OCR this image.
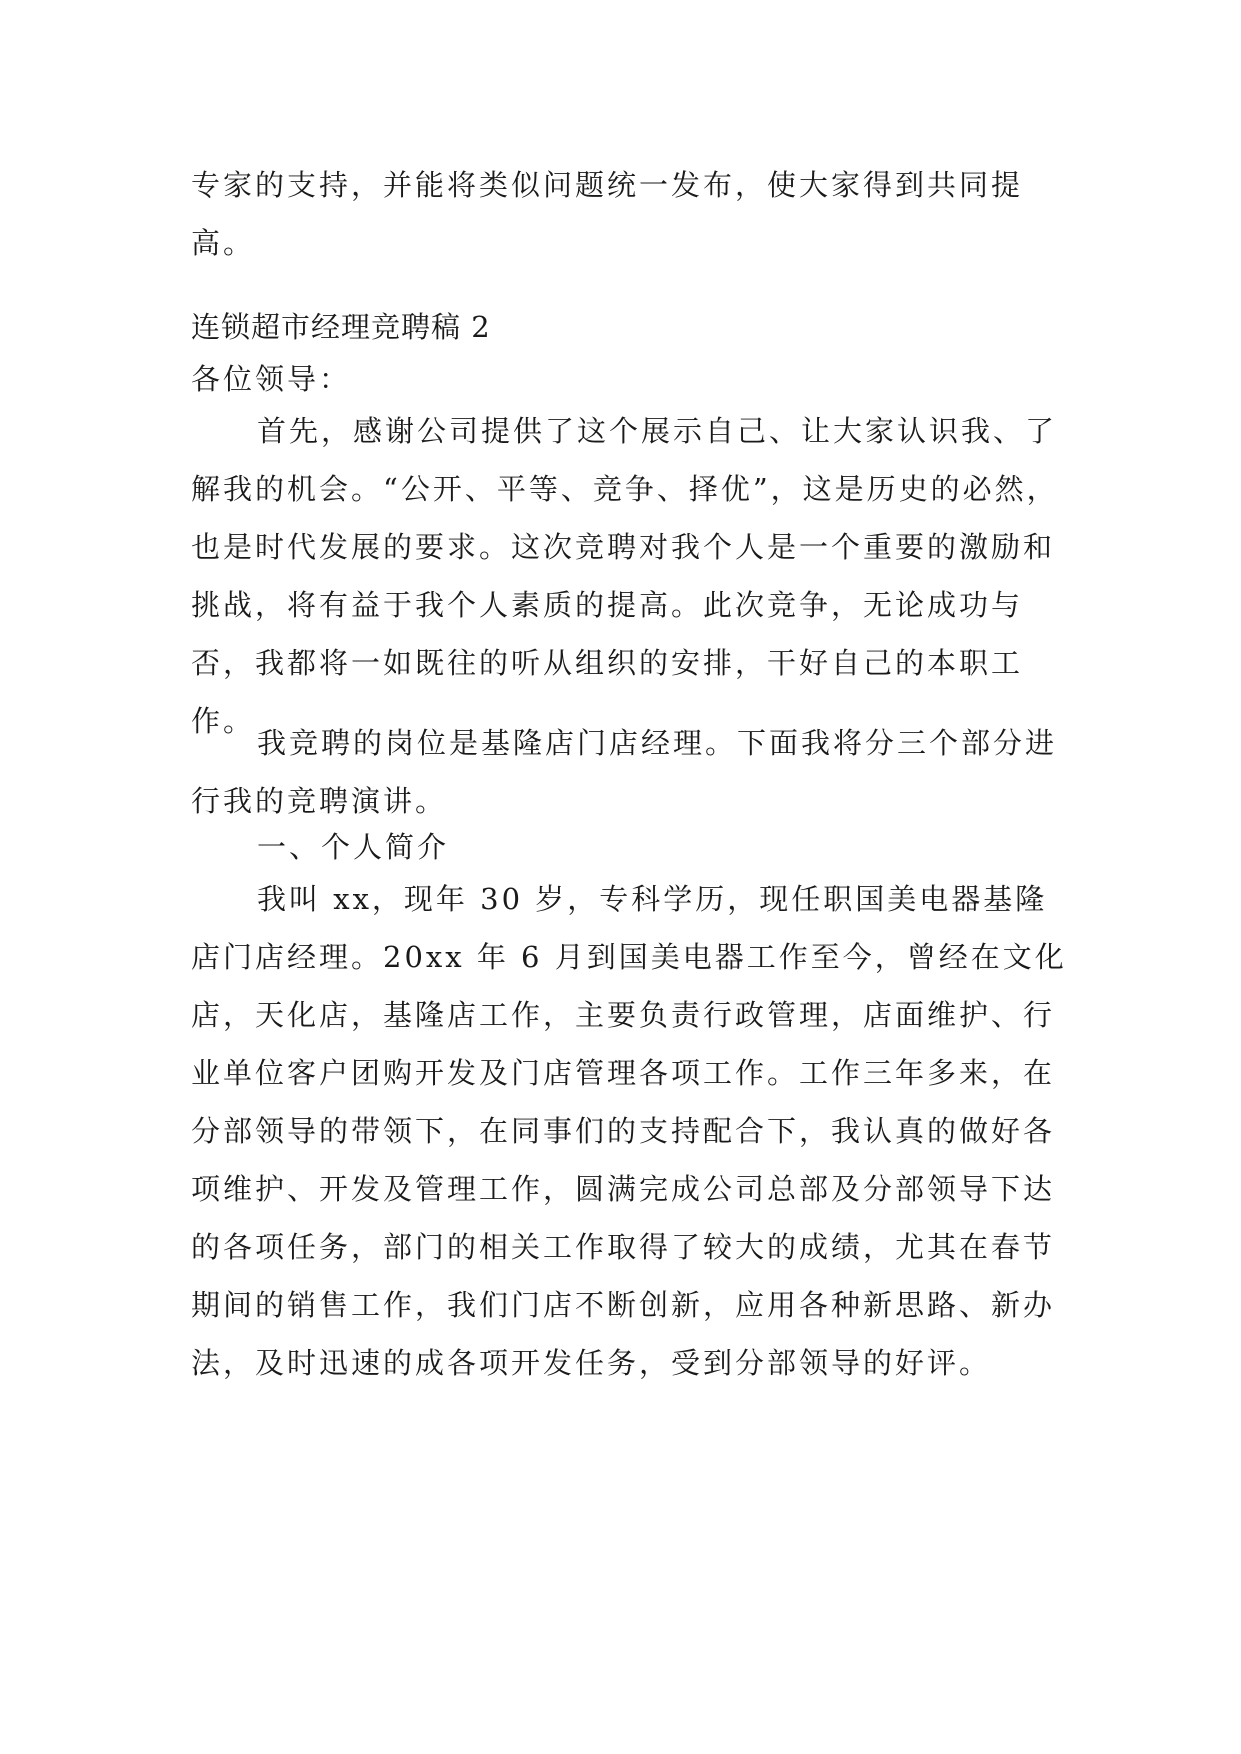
专家的支持，并能将类似问题统一发布，使大家得到共同提高。

连锁超市经理竞聘稿 2

各位领导：

首先，感谢公司提供了这个展示自己、让大家认识我、了解我的机会。“公开、平等、竞争、择优”，这是历史的必然，也是时代发展的要求。这次竞聘对我个人是一个重要的激励和挑战，将有益于我个人素质的提高。此次竞争，无论成功与否，我都将一如既往的听从组织的安排，干好自己的本职工作。

我竞聘的岗位是基隆店门店经理。下面我将分三个部分进行我的竞聘演讲。

一、个人简介

我叫 xx，现年 30 岁，专科学历，现任职国美电器基隆店门店经理。20xx 年 6 月到国美电器工作至今，曾经在文化店，天化店，基隆店工作，主要负责行政管理，店面维护、行业单位客户团购开发及门店管理各项工作。工作三年多来，在分部领导的带领下，在同事们的支持配合下，我认真的做好各项维护、开发及管理工作，圆满完成公司总部及分部领导下达的各项任务，部门的相关工作取得了较大的成绩，尤其在春节期间的销售工作，我们门店不断创新，应用各种新思路、新办法，及时迅速的成各项开发任务，受到分部领导的好评。
